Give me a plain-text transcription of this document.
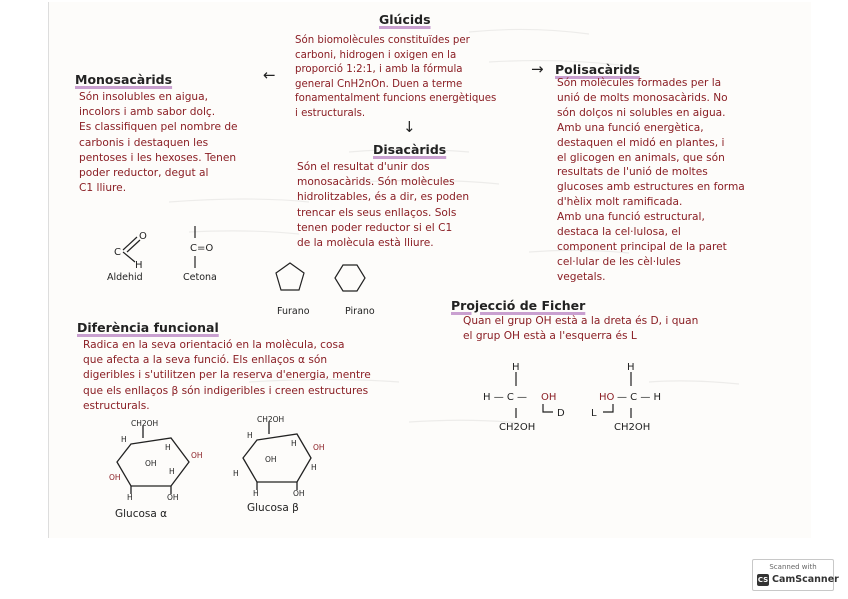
Glúcids
Són biomolècules constituïdes per
carboni, hidrogen i oxigen en la
proporció 1:2:1, i amb la fórmula
general CnH2nOn. Duen a terme
fonamentalment funcions energètiques
i estructurals.
←	→
↓
Monosacàrids
Són insolubles en aigua,
incolors i amb sabor dolç.
Es classifiquen pel nombre de
carbonis i destaquen les
pentoses i les hexoses. Tenen
poder reductor, degut al
C1 lliure.
C
O
H
C=O
Aldehid	Cetona
Furano	Pirano
Disacàrids
Són el resultat d'unir dos
monosacàrids. Són molècules
hidrolitzables, és a dir, es poden
trencar els seus enllaços. Sols
tenen poder reductor si el C1
de la molècula està lliure.
Polisacàrids
Són molècules formades per la
unió de molts monosacàrids. No
són dolços ni solubles en aigua.
Amb una funció energètica,
destaquen el midó en plantes, i
el glicogen en animals, que són
resultats de l'unió de moltes
glucoses amb estructures en forma
d'hèlix molt ramificada.
Amb una funció estructural,
destaca la cel·lulosa, el
component principal de la paret
cel·lular de les cèl·lules
vegetals.
Projecció de Ficher
Quan el grup OH està a la dreta és D, i quan
el grup OH està a l'esquerra és L
H
H — C — OH
D
CH2OH
H
HO — C — H
L
CH2OH
Diferència funcional
Radica en la seva orientació en la molècula, cosa
que afecta a la seva funció. Els enllaços α són
digeribles i s'utilitzen per la reserva d'energia, mentre
que els enllaços β són indigeribles i creen estructures
estructurals.
CH2OH
H
H
OH
OH
OH
H
H	OH
Glucosa α
CH2OH
H
H OH
OH
H
H
H	OH
Glucosa β
Scanned with
CS CamScanner
